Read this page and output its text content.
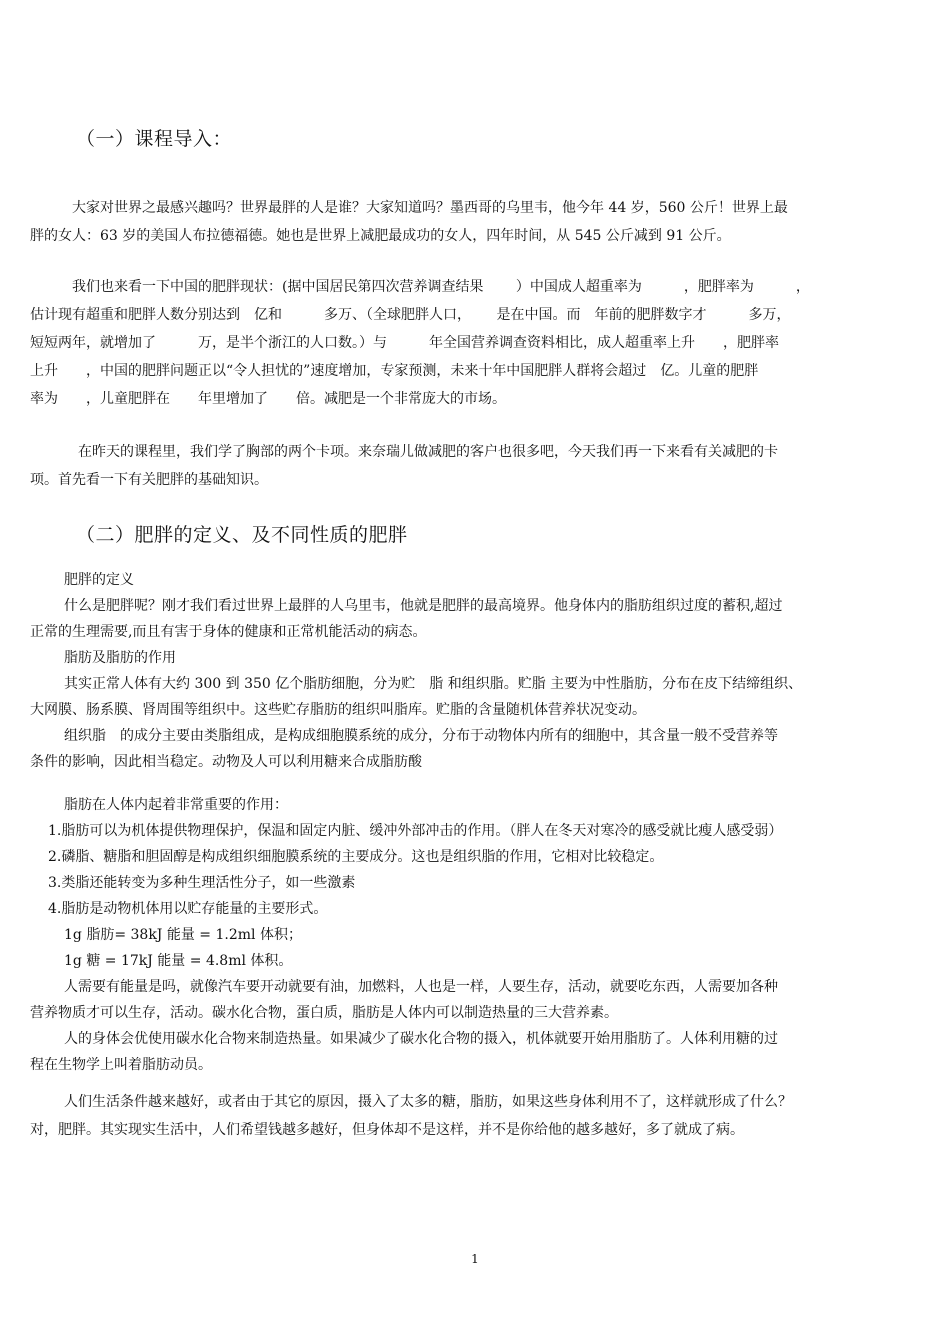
（一）课程导入：
大家对世界之最感兴趣吗？世界最胖的人是谁？大家知道吗？墨西哥的乌里韦，他今年 44 岁，560 公斤！世界上最
胖的女人：63 岁的美国人布拉德福德。她也是世界上减肥最成功的女人，四年时间，从 545 公斤减到 91 公斤。
我们也来看一下中国的肥胖现状：(据中国居民第四次营养调查结果　　 ）中国成人超重率为　　　，肥胖率为　　　，
估计现有超重和肥胖人数分别达到　亿和　　　多万、（全球肥胖人口，　　 是在中国。而　年前的肥胖数字才　　　多万，
短短两年，就增加了　　　万，是半个浙江的人口数。）与　　　年全国营养调查资料相比，成人超重率上升　　，肥胖率
上升　　，中国的肥胖问题正以“令人担忧的”速度增加，专家预测，未来十年中国肥胖人群将会超过　亿。儿童的肥胖
率为　　，儿童肥胖在　　年里增加了　　倍。减肥是一个非常庞大的市场。
在昨天的课程里，我们学了胸部的两个卡项。来奈瑞儿做减肥的客户也很多吧，今天我们再一下来看有关减肥的卡
项。首先看一下有关肥胖的基础知识。
（二）肥胖的定义、及不同性质的肥胖
肥胖的定义
什么是肥胖呢？刚才我们看过世界上最胖的人乌里韦，他就是肥胖的最高境界。他身体内的脂肪组织过度的蓄积,超过
正常的生理需要,而且有害于身体的健康和正常机能活动的病态。
脂肪及脂肪的作用
其实正常人体有大约 300 到 350 亿个脂肪细胞，分为贮　脂 和组织脂。贮脂 主要为中性脂肪，分布在皮下结缔组织、
大网膜、肠系膜、肾周围等组织中。这些贮存脂肪的组织叫脂库。贮脂的含量随机体营养状况变动。
组织脂　的成分主要由类脂组成，是构成细胞膜系统的成分，分布于动物体内所有的细胞中，其含量一般不受营养等
条件的影响，因此相当稳定。动物及人可以利用糖来合成脂肪酸
脂肪在人体内起着非常重要的作用：
1.脂肪可以为机体提供物理保护，保温和固定内脏、缓冲外部冲击的作用。（胖人在冬天对寒冷的感受就比瘦人感受弱）
2.磷脂、糖脂和胆固醇是构成组织细胞膜系统的主要成分。这也是组织脂的作用，它相对比较稳定。
3.类脂还能转变为多种生理活性分子，如一些激素
4.脂肪是动物机体用以贮存能量的主要形式。
1g 脂肪= 38kJ 能量 = 1.2ml 体积；
1g 糖 = 17kJ 能量 = 4.8ml 体积。
人需要有能量是吗，就像汽车要开动就要有油，加燃料，人也是一样，人要生存，活动，就要吃东西，人需要加各种
营养物质才可以生存，活动。碳水化合物，蛋白质，脂肪是人体内可以制造热量的三大营养素。
人的身体会优使用碳水化合物来制造热量。如果减少了碳水化合物的摄入，机体就要开始用脂肪了。人体利用糖的过
程在生物学上叫着脂肪动员。
人们生活条件越来越好，或者由于其它的原因，摄入了太多的糖，脂肪，如果这些身体利用不了，这样就形成了什么？
对，肥胖。其实现实生活中，人们希望钱越多越好，但身体却不是这样，并不是你给他的越多越好，多了就成了病。
1
